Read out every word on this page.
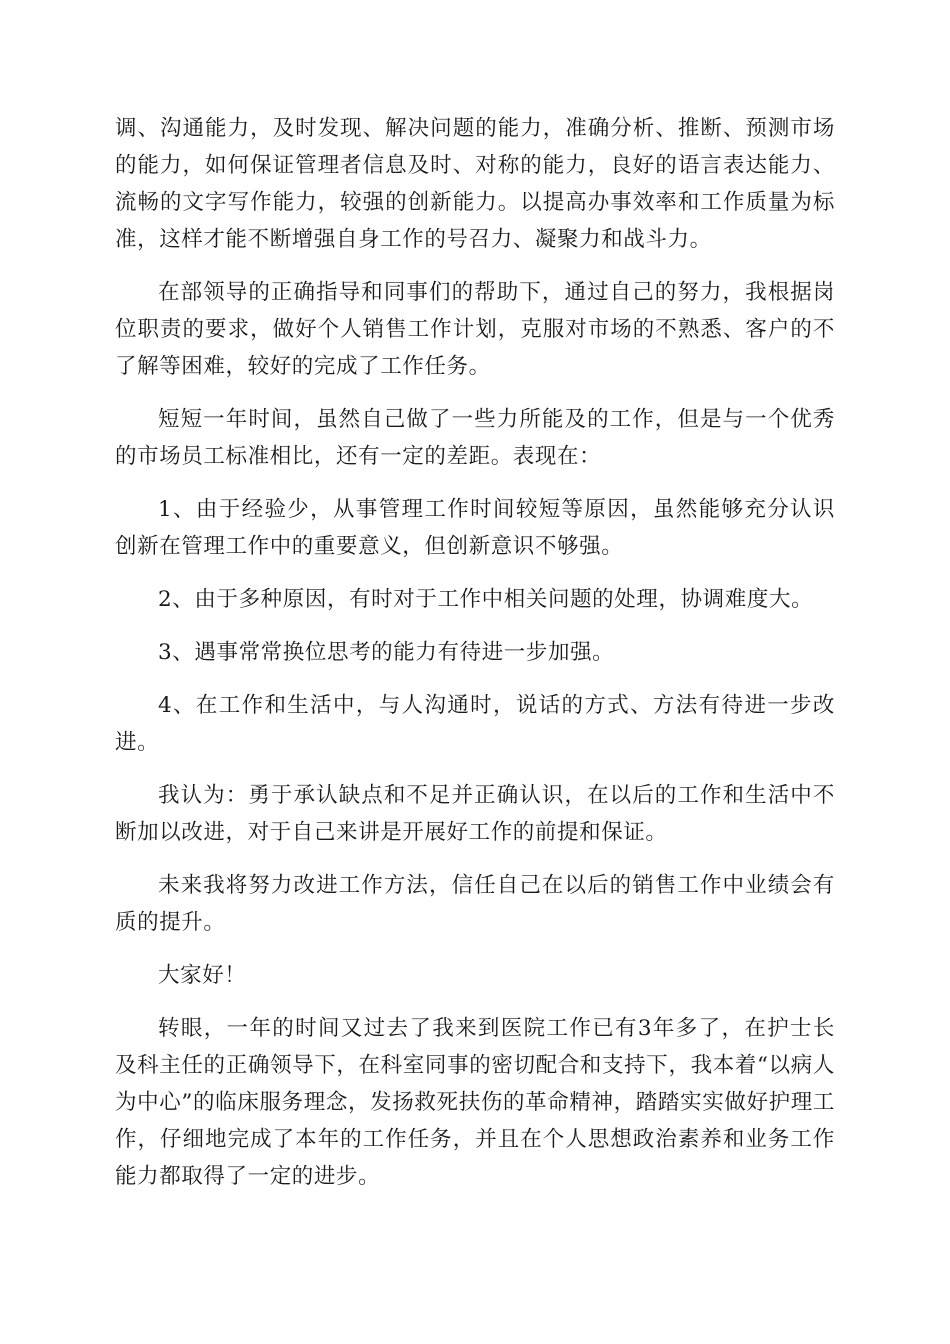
调、沟通能力，及时发现、解决问题的能力，准确分析、推断、预测市场的能力，如何保证管理者信息及时、对称的能力，良好的语言表达能力、流畅的文字写作能力，较强的创新能力。以提高办事效率和工作质量为标准，这样才能不断增强自身工作的号召力、凝聚力和战斗力。

在部领导的正确指导和同事们的帮助下，通过自己的努力，我根据岗位职责的要求，做好个人销售工作计划，克服对市场的不熟悉、客户的不了解等困难，较好的完成了工作任务。

短短一年时间，虽然自己做了一些力所能及的工作，但是与一个优秀的市场员工标准相比，还有一定的差距。表现在：

1、由于经验少，从事管理工作时间较短等原因，虽然能够充分认识创新在管理工作中的重要意义，但创新意识不够强。

2、由于多种原因，有时对于工作中相关问题的处理，协调难度大。

3、遇事常常换位思考的能力有待进一步加强。

4、在工作和生活中，与人沟通时，说话的方式、方法有待进一步改进。

我认为：勇于承认缺点和不足并正确认识，在以后的工作和生活中不断加以改进，对于自己来讲是开展好工作的前提和保证。

未来我将努力改进工作方法，信任自己在以后的销售工作中业绩会有质的提升。

大家好！

转眼，一年的时间又过去了我来到医院工作已有3年多了，在护士长及科主任的正确领导下，在科室同事的密切配合和支持下，我本着“以病人为中心”的临床服务理念，发扬救死扶伤的革命精神，踏踏实实做好护理工作，仔细地完成了本年的工作任务，并且在个人思想政治素养和业务工作能力都取得了一定的进步。
